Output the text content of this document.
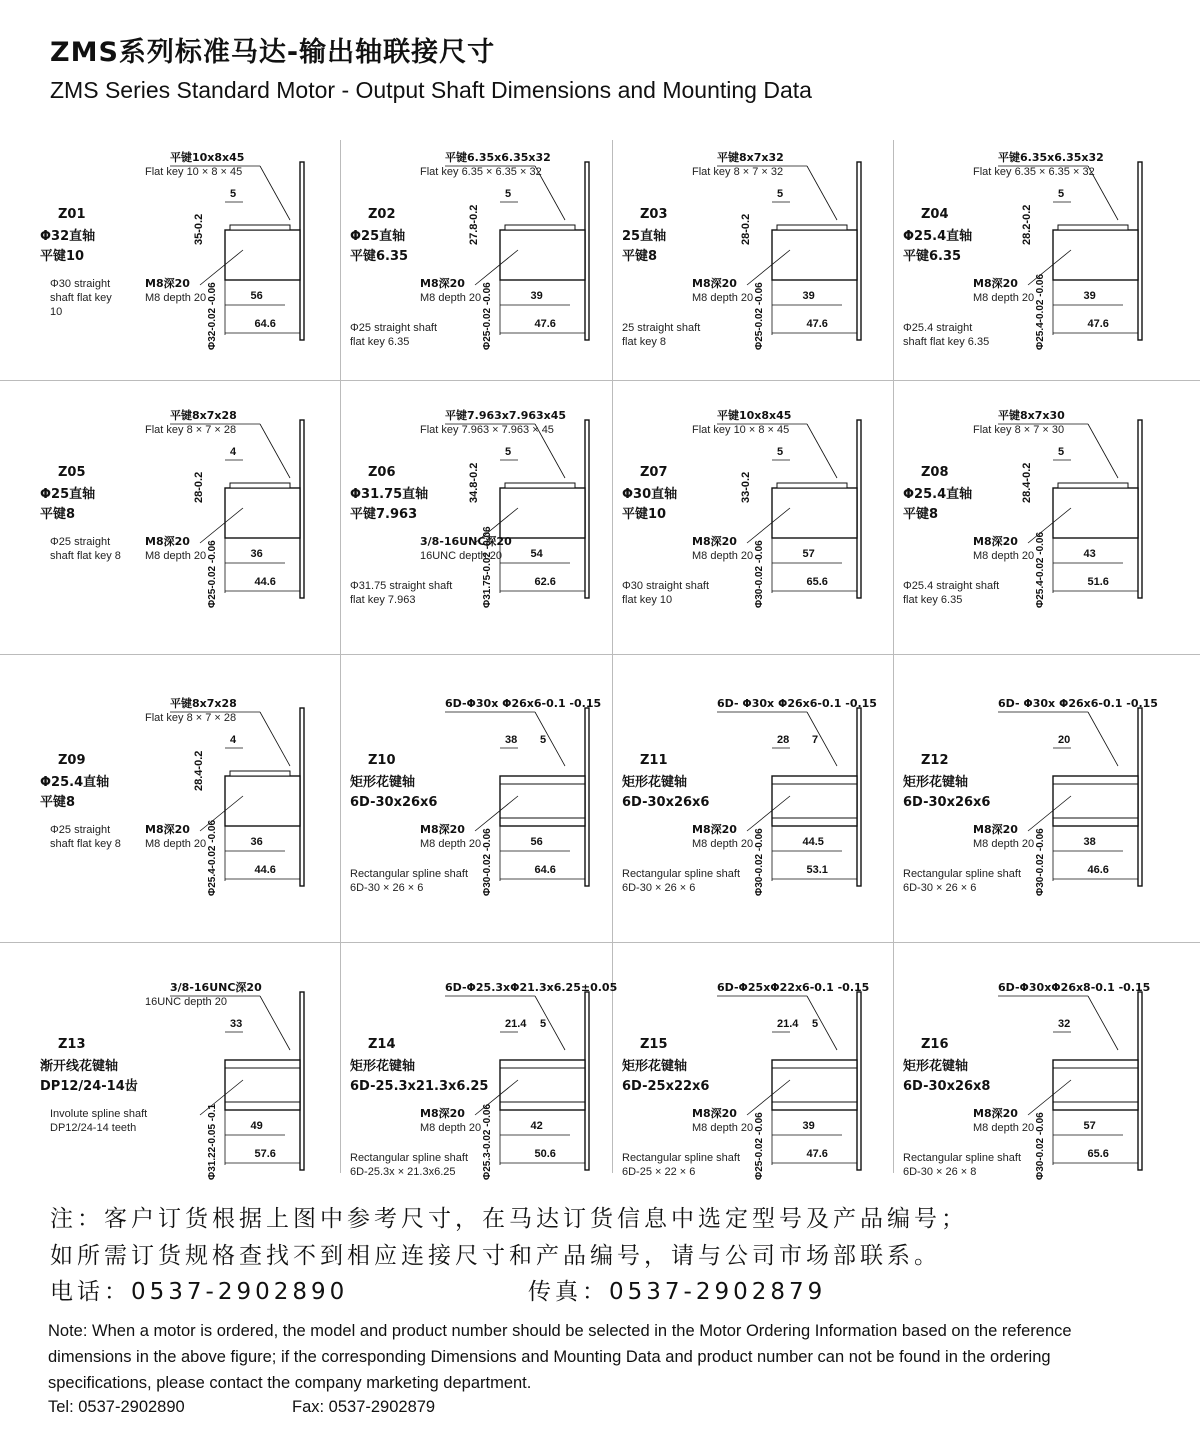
ZMS系列标准马达-输出轴联接尺寸
ZMS Series Standard Motor - Output Shaft Dimensions and Mounting Data
Z01
Φ32直轴
平键10
Φ30 straight
shaft flat key
10
平键10x8x45
Flat key 10 × 8 × 45
5
35-0.2
Φ32-0.02 -0.06
M8深20
M8 depth 20	56
64.6
Z02
Φ25直轴
平键6.35
Φ25 straight shaft
flat key 6.35
平键6.35x6.35x32
Flat key 6.35 × 6.35 × 32
5
27.8-0.2
Φ25-0.02 -0.06
M8深20
M8 depth 20	39
47.6
Z03
25直轴
平键8
25 straight shaft
flat key 8
平键8x7x32
Flat key 8 × 7 × 32
5
28-0.2
Φ25-0.02 -0.06
M8深20
M8 depth 20	39
47.6
Z04
Φ25.4直轴
平键6.35
Φ25.4 straight
shaft flat key 6.35
平键6.35x6.35x32
Flat key 6.35 × 6.35 × 32
5
28.2-0.2
Φ25.4-0.02 -0.06
M8深20
M8 depth 20	39
47.6
Z05
Φ25直轴
平键8
Φ25 straight
shaft flat key 8
平键8x7x28
Flat key 8 × 7 × 28
4
28-0.2
Φ25-0.02 -0.06
M8深20
M8 depth 20	36
44.6
Z06
Φ31.75直轴
平键7.963
Φ31.75 straight shaft
flat key 7.963
平键7.963x7.963x45
Flat key 7.963 × 7.963 × 45
5
34.8-0.2
Φ31.75-0.02 -0.06
3/8-16UNC深20
16UNC depth 20	54
62.6
Z07
Φ30直轴
平键10
Φ30 straight shaft
flat key 10
平键10x8x45
Flat key 10 × 8 × 45
5
33-0.2
Φ30-0.02 -0.06
M8深20
M8 depth 20	57
65.6
Z08
Φ25.4直轴
平键8
Φ25.4 straight shaft
flat key 6.35
平键8x7x30
Flat key 8 × 7 × 30
5
28.4-0.2
Φ25.4-0.02 -0.06
M8深20
M8 depth 20	43
51.6
Z09
Φ25.4直轴
平键8
Φ25 straight
shaft flat key 8
平键8x7x28
Flat key 8 × 7 × 28
4
28.4-0.2
Φ25.4-0.02 -0.06
M8深20
M8 depth 20	36
44.6
Z10
矩形花键轴
6D-30x26x6
Rectangular spline shaft
6D-30 × 26 × 6
6D-Φ30x Φ26x6-0.1 -0.15
38 5
Φ30-0.02 -0.06
M8深20
M8 depth 20	56
64.6
Z11
矩形花键轴
6D-30x26x6
Rectangular spline shaft
6D-30 × 26 × 6
6D- Φ30x Φ26x6-0.1 -0.15
28 7
Φ30-0.02 -0.06
M8深20
M8 depth 20	44.5
53.1
Z12
矩形花键轴
6D-30x26x6
Rectangular spline shaft
6D-30 × 26 × 6
6D- Φ30x Φ26x6-0.1 -0.15
20
Φ30-0.02 -0.06
M8深20
M8 depth 20	38
46.6
Z13
渐开线花键轴
DP12/24-14齿
Involute spline shaft
DP12/24-14 teeth
3/8-16UNC深20
16UNC depth 20
33
Φ31.22-0.05 -0.1	49
57.6
Z14
矩形花键轴
6D-25.3x21.3x6.25
Rectangular spline shaft
6D-25.3x × 21.3x6.25
6D-Φ25.3xΦ21.3x6.25±0.05
21.4 5
Φ25.3-0.02 -0.06
M8深20
M8 depth 20	42
50.6
Z15
矩形花键轴
6D-25x22x6
Rectangular spline shaft
6D-25 × 22 × 6
6D-Φ25xΦ22x6-0.1 -0.15
21.4 5
Φ25-0.02 -0.06
M8深20
M8 depth 20	39
47.6
Z16
矩形花键轴
6D-30x26x8
Rectangular spline shaft
6D-30 × 26 × 8
6D-Φ30xΦ26x8-0.1 -0.15
32
Φ30-0.02 -0.06
M8深20
M8 depth 20	57
65.6
注：客户订货根据上图中参考尺寸，在马达订货信息中选定型号及产品编号；
如所需订货规格查找不到相应连接尺寸和产品编号，请与公司市场部联系。
电话：0537-2902890	传真：0537-2902879
Note: When a motor is ordered, the model and product number should be selected in the Motor Ordering Information based on the reference dimensions in the above figure; if the corresponding Dimensions and Mounting Data and product number can not be found in the ordering specifications, please contact the company marketing department.
Tel: 0537-2902890	Fax: 0537-2902879
